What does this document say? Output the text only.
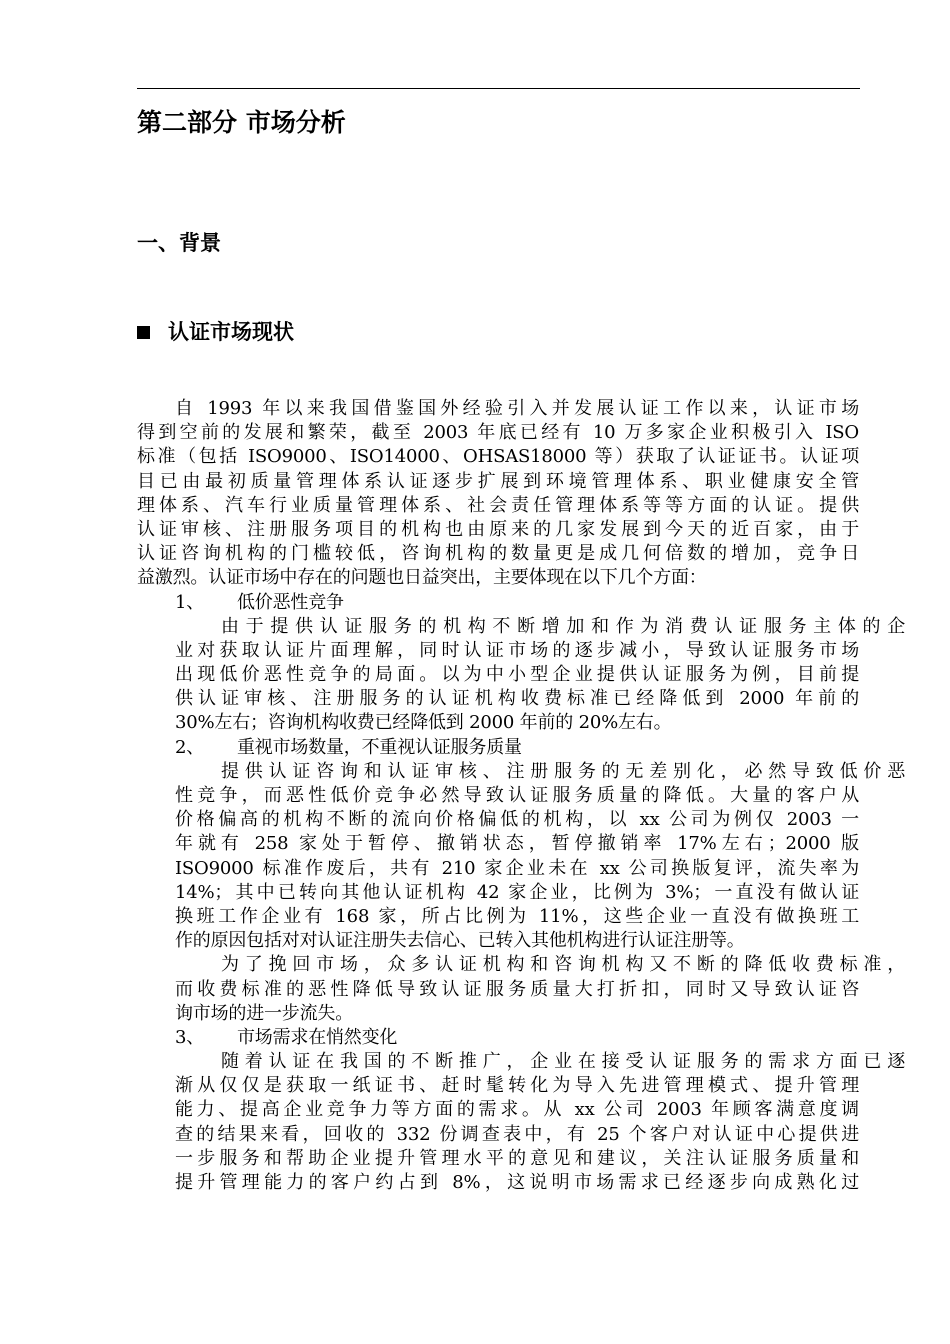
第二部分 市场分析
一、背景
认证市场现状
自 1993 年以来我国借鉴国外经验引入并发展认证工作以来，认证市场
得到空前的发展和繁荣，截至 2003 年底已经有 10 万多家企业积极引入 ISO
标准（包括 ISO9000、ISO14000、OHSAS18000 等）获取了认证证书。认证项
目已由最初质量管理体系认证逐步扩展到环境管理体系、职业健康安全管
理体系、汽车行业质量管理体系、社会责任管理体系等等方面的认证。提供
认证审核、注册服务项目的机构也由原来的几家发展到今天的近百家，由于
认证咨询机构的门槛较低，咨询机构的数量更是成几何倍数的增加，竞争日
益激烈。认证市场中存在的问题也日益突出，主要体现在以下几个方面：
1、 低价恶性竞争
由于提供认证服务的机构不断增加和作为消费认证服务主体的企
业对获取认证片面理解，同时认证市场的逐步减小，导致认证服务市场
出现低价恶性竞争的局面。以为中小型企业提供认证服务为例，目前提
供认证审核、注册服务的认证机构收费标准已经降低到 2000 年前的
30%左右；咨询机构收费已经降低到 2000 年前的 20%左右。
2、 重视市场数量，不重视认证服务质量
提供认证咨询和认证审核、注册服务的无差别化，必然导致低价恶
性竞争，而恶性低价竞争必然导致认证服务质量的降低。大量的客户从
价格偏高的机构不断的流向价格偏低的机构，以 xx 公司为例仅 2003 一
年就有 258 家处于暂停、撤销状态，暂停撤销率 17%左右；2000 版
ISO9000 标准作废后，共有 210 家企业未在 xx 公司换版复评，流失率为
14%；其中已转向其他认证机构 42 家企业，比例为 3%；一直没有做认证
换班工作企业有 168 家，所占比例为 11%，这些企业一直没有做换班工
作的原因包括对对认证注册失去信心、已转入其他机构进行认证注册等。
为了挽回市场，众多认证机构和咨询机构又不断的降低收费标准，
而收费标准的恶性降低导致认证服务质量大打折扣，同时又导致认证咨
询市场的进一步流失。
3、 市场需求在悄然变化
随着认证在我国的不断推广，企业在接受认证服务的需求方面已逐
渐从仅仅是获取一纸证书、赶时髦转化为导入先进管理模式、提升管理
能力、提高企业竞争力等方面的需求。从 xx 公司 2003 年顾客满意度调
查的结果来看，回收的 332 份调查表中，有 25 个客户对认证中心提供进
一步服务和帮助企业提升管理水平的意见和建议，关注认证服务质量和
提升管理能力的客户约占到 8%，这说明市场需求已经逐步向成熟化过
